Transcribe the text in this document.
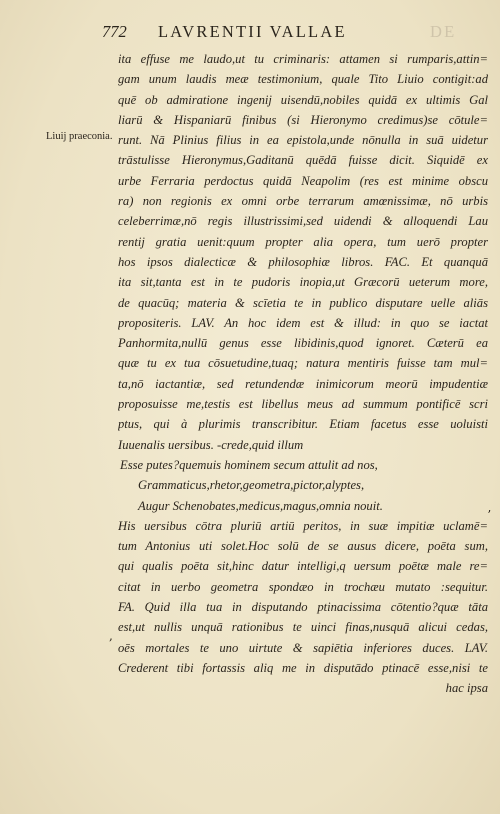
772 LAVRENTII VALLAE	DE
Liuij praeconia.
ʼ
,
ita effuse me laudo,ut tu criminaris: attamen si rumparis,attin=
gam unum laudis meæ testimonium, quale Tito Liuio contigit:ad
quē ob admiratione ingenij uisendū,nobiles quidā ex ultimis Gal
liarū & Hispaniarū finibus (si Hieronymo credimus)se cōtule=
runt. Nā Plinius filius in ea epistola,unde nōnulla in suā uidetur
trāstulisse Hieronymus,Gaditanū quēdā fuisse dicit. Siquidē ex
urbe Ferraria perdoctus quidā Neapolim (res est minime obscu
ra) non regionis ex omni orbe terrarum amœnissimæ, nō urbis
celeberrimæ,nō regis illustrissimi,sed uidendi & alloquendi Lau
rentij gratia uenit:quum propter alia opera, tum uerō propter
hos ipsos dialecticæ & philosophiæ libros. FAC. Et quanquā
ita sit,tanta est in te pudoris inopia,ut Græcorū ueterum more,
de quacūq; materia & scīetia te in publico disputare uelle aliās
propositeris. LAV. An hoc idem est & illud: in quo se iactat
Panhormita,nullū genus esse libidinis,quod ignoret. Cæterū ea
quæ tu ex tua cōsuetudine,tuaq; natura mentiris fuisse tam mul=
ta,nō iactantiæ, sed retundendæ inimicorum meorū impudentiæ
proposuisse me,testis est libellus meus ad summum pontificē scri
ptus, qui à plurimis transcribitur. Etiam facetus esse uoluisti
Iuuenalis uersibus. -crede,quid illum
Esse putes?quemuis hominem secum attulit ad nos,
Grammaticus,rhetor,geometra,pictor,alyptes,
Augur Schenobates,medicus,magus,omnia nouit.
His uersibus cōtra pluriū artiū peritos, in suæ impitiæ uclamē=
tum Antonius uti solet.Hoc solū de se ausus dicere, poēta sum,
qui qualis poēta sit,hinc datur intelligi,q uersum poētæ male re=
citat in uerbo geometra spondæo in trochæu mutato :sequitur.
FA. Quid illa tua in disputando ptinacissima cōtentio?quæ tāta
est,ut nullis unquā rationibus te uinci finas,nusquā alicui cedas,
oēs mortales te uno uirtute & sapiētia inferiores duces. LAV.
Crederent tibi fortassis aliq me in disputādo ptinacē esse,nisi te
hac ipsa
